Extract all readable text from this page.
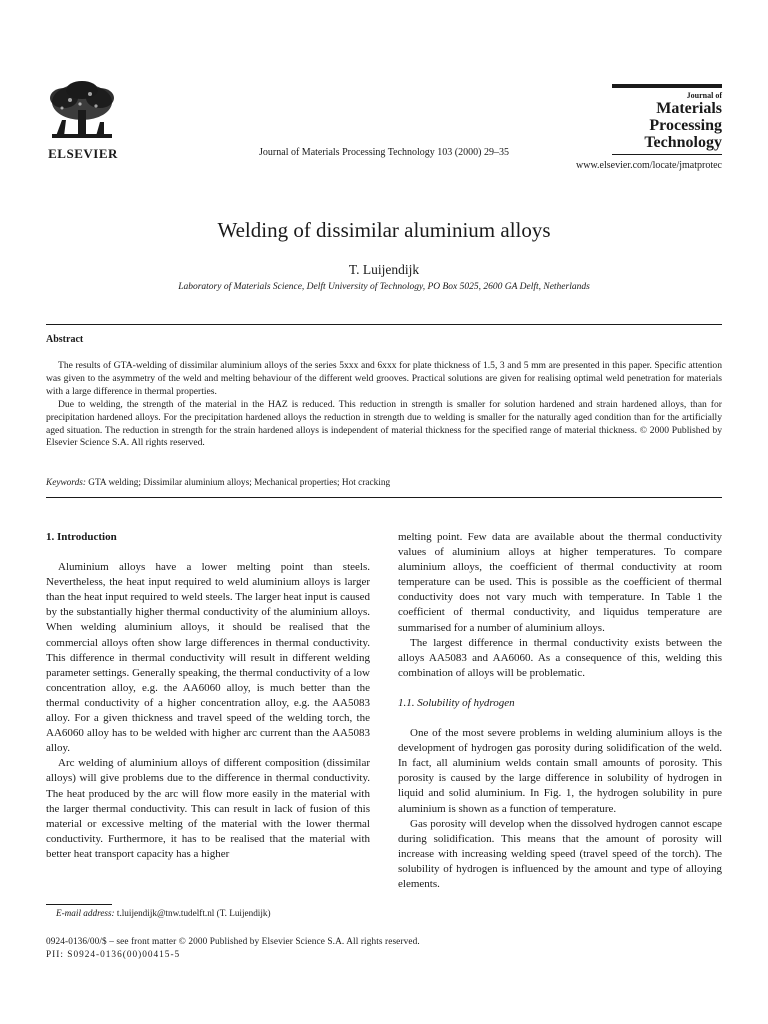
ELSEVIER	Journal of Materials Processing Technology 103 (2000) 29–35
Journal of
Materials
Processing
Technology
www.elsevier.com/locate/jmatprotec
Welding of dissimilar aluminium alloys
T. Luijendijk
Laboratory of Materials Science, Delft University of Technology, PO Box 5025, 2600 GA Delft, Netherlands
Abstract

The results of GTA-welding of dissimilar aluminium alloys of the series 5xxx and 6xxx for plate thickness of 1.5, 3 and 5 mm are presented in this paper. Specific attention was given to the asymmetry of the weld and melting behaviour of the different weld grooves. Practical solutions are given for realising optimal weld penetration for materials with a large difference in thermal properties.

Due to welding, the strength of the material in the HAZ is reduced. This reduction in strength is smaller for solution hardened and strain hardened alloys, than for precipitation hardened alloys. For the precipitation hardened alloys the reduction in strength due to welding is smaller for the naturally aged condition than for the artificially aged situation. The reduction in strength for the strain hardened alloys is independent of material thickness for the specified range of material thickness. © 2000 Published by Elsevier Science S.A. All rights reserved.

Keywords: GTA welding; Dissimilar aluminium alloys; Mechanical properties; Hot cracking
1. Introduction

Aluminium alloys have a lower melting point than steels. Nevertheless, the heat input required to weld aluminium alloys is larger than the heat input required to weld steels. The larger heat input is caused by the substantially higher thermal conductivity of the aluminium alloys. When welding aluminium alloys, it should be realised that the commercial alloys often show large differences in thermal conductivity. This difference in thermal conductivity will result in different welding parameter settings. Generally speaking, the thermal conductivity of a low concentration alloy, e.g. the AA6060 alloy, is much better than the thermal conductivity of a higher concentration alloy, e.g. the AA5083 alloy. For a given thickness and travel speed of the welding torch, the AA6060 alloy has to be welded with higher arc current than the AA5083 alloy.

Arc welding of aluminium alloys of different composition (dissimilar alloys) will give problems due to the difference in thermal conductivity. The heat produced by the arc will flow more easily in the material with the larger thermal conductivity. This can result in lack of fusion of this material or excessive melting of the material with the lower thermal conductivity. Furthermore, it has to be realised that the material with better heat transport capacity has a higher

melting point. Few data are available about the thermal conductivity values of aluminium alloys at higher temperatures. To compare aluminium alloys, the coefficient of thermal conductivity at room temperature can be used. This is possible as the coefficient of thermal conductivity does not vary much with temperature. In Table 1 the coefficient of thermal conductivity, and liquidus temperature are summarised for a number of aluminium alloys.

The largest difference in thermal conductivity exists between the alloys AA5083 and AA6060. As a consequence of this, welding this combination of alloys will be problematic.

1.1. Solubility of hydrogen

One of the most severe problems in welding aluminium alloys is the development of hydrogen gas porosity during solidification of the weld. In fact, all aluminium welds contain small amounts of porosity. This porosity is caused by the large difference in solubility of hydrogen in liquid and solid aluminium. In Fig. 1, the hydrogen solubility in pure aluminium is shown as a function of temperature.

Gas porosity will develop when the dissolved hydrogen cannot escape during solidification. This means that the amount of porosity will increase with increasing welding speed (travel speed of the torch). The solubility of hydrogen is influenced by the amount and type of alloying elements.

E-mail address: t.luijendijk@tnw.tudelft.nl (T. Luijendijk)
0924-0136/00/$ – see front matter © 2000 Published by Elsevier Science S.A. All rights reserved.
PII: S0924-0136(00)00415-5
